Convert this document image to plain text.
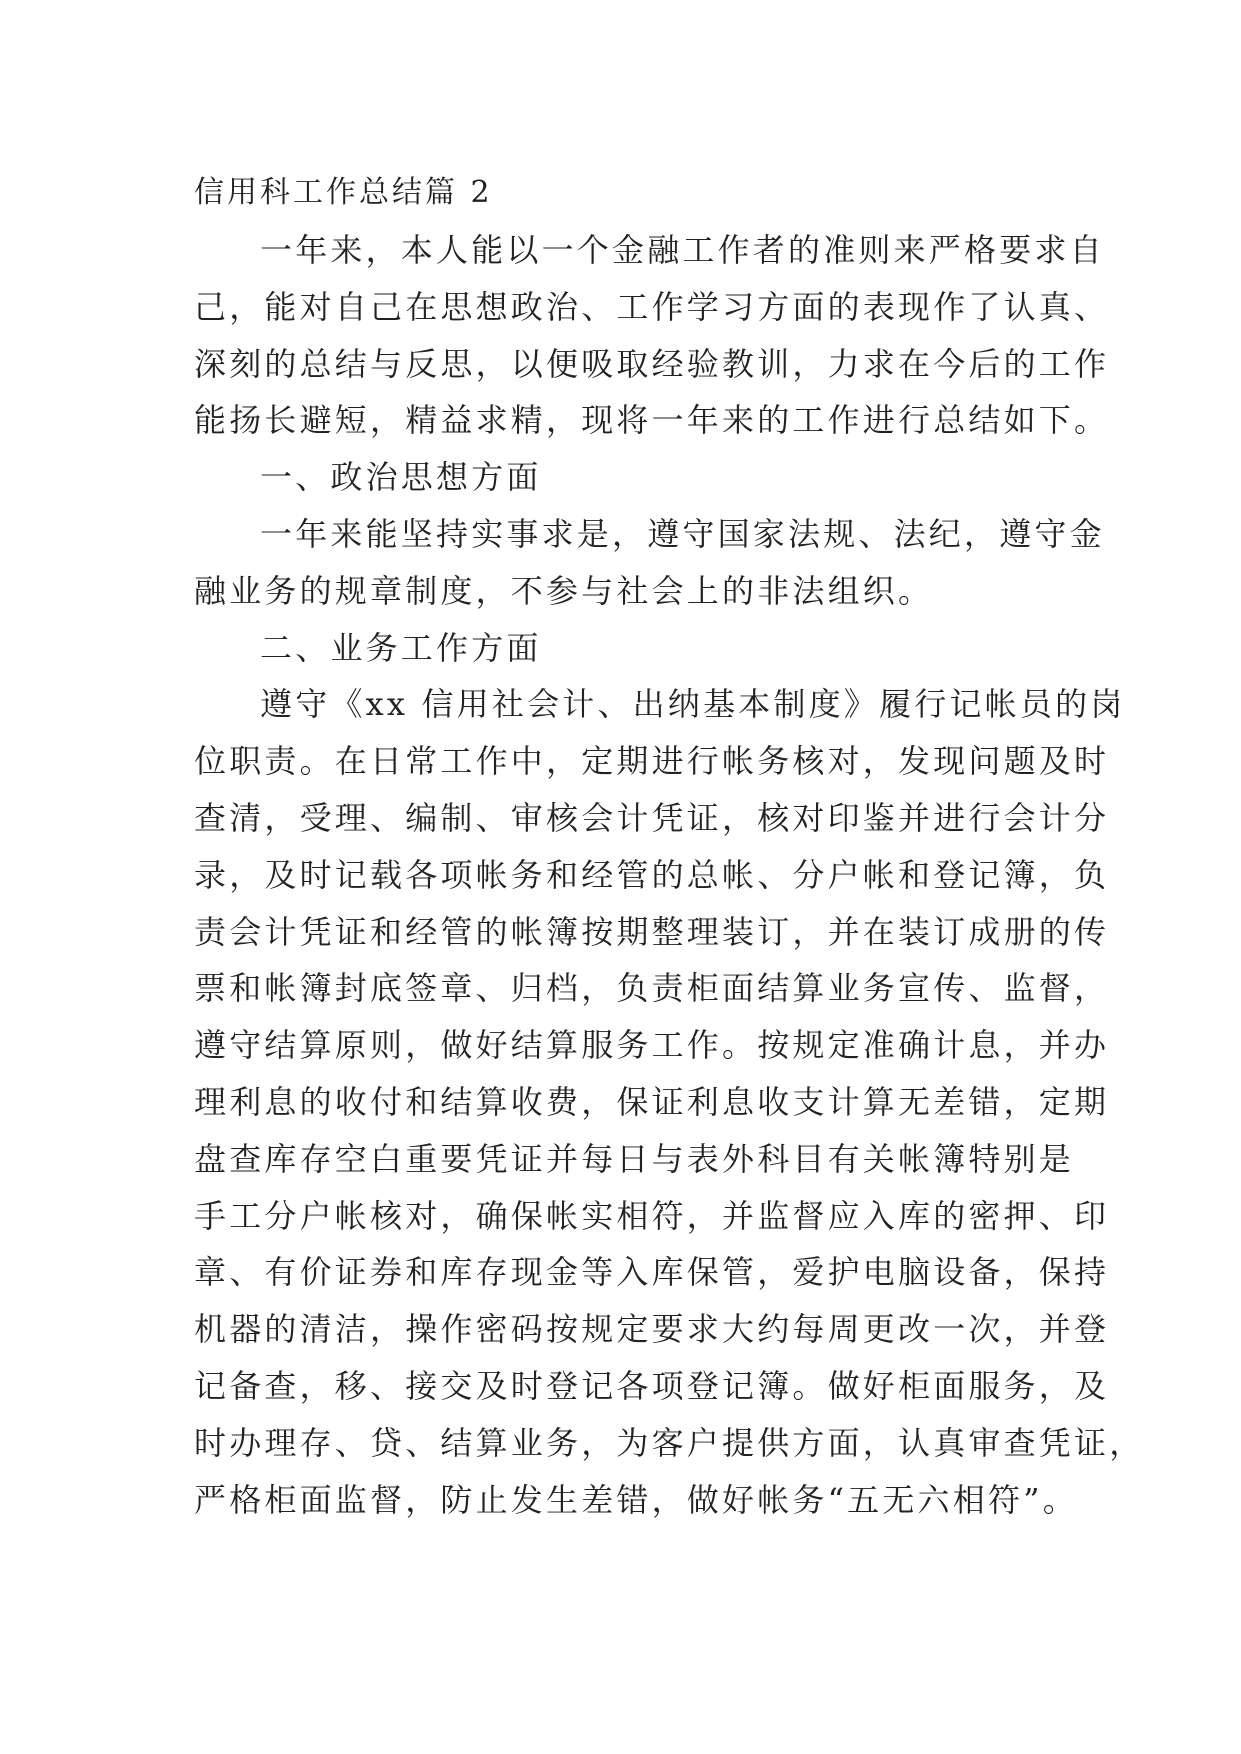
信用科工作总结篇 2

一年来，本人能以一个金融工作者的准则来严格要求自

己，能对自己在思想政治、工作学习方面的表现作了认真、

深刻的总结与反思，以便吸取经验教训，力求在今后的工作

能扬长避短，精益求精，现将一年来的工作进行总结如下。

一、政治思想方面

一年来能坚持实事求是，遵守国家法规、法纪，遵守金

融业务的规章制度，不参与社会上的非法组织。

二、业务工作方面

遵守《xx 信用社会计、出纳基本制度》履行记帐员的岗

位职责。在日常工作中，定期进行帐务核对，发现问题及时

查清，受理、编制、审核会计凭证，核对印鉴并进行会计分

录，及时记载各项帐务和经管的总帐、分户帐和登记簿，负

责会计凭证和经管的帐簿按期整理装订，并在装订成册的传

票和帐簿封底签章、归档，负责柜面结算业务宣传、监督，

遵守结算原则，做好结算服务工作。按规定准确计息，并办

理利息的收付和结算收费，保证利息收支计算无差错，定期

盘查库存空白重要凭证并每日与表外科目有关帐簿特别是

手工分户帐核对，确保帐实相符，并监督应入库的密押、印

章、有价证券和库存现金等入库保管，爱护电脑设备，保持

机器的清洁，操作密码按规定要求大约每周更改一次，并登

记备查，移、接交及时登记各项登记簿。做好柜面服务，及

时办理存、贷、结算业务，为客户提供方面，认真审查凭证，

严格柜面监督，防止发生差错，做好帐务“五无六相符”。
